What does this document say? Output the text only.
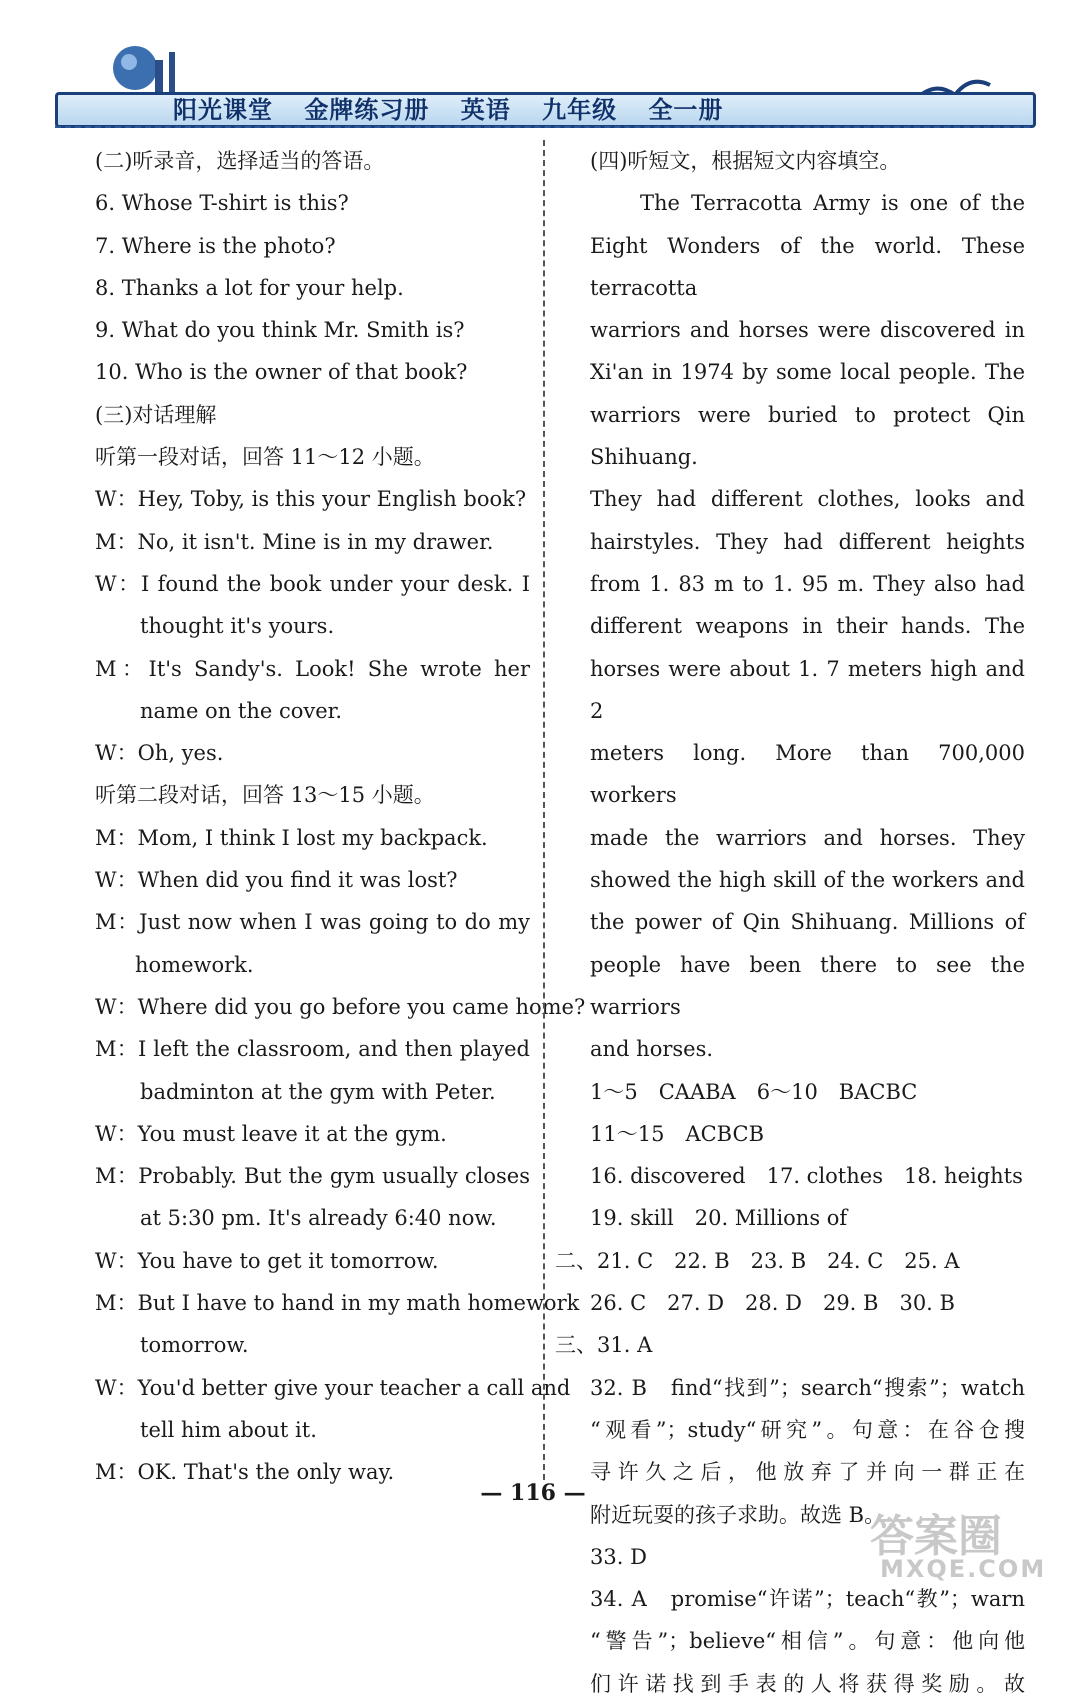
阳光课堂 金牌练习册 英语 九年级 全一册
(二)听录音，选择适当的答语。
6. Whose T-shirt is this?
7. Where is the photo?
8. Thanks a lot for your help.
9. What do you think Mr. Smith is?
10. Who is the owner of that book?
(三)对话理解
听第一段对话，回答 11～12 小题。
W：Hey, Toby, is this your English book?
M：No, it isn't. Mine is in my drawer.
W：I found the book under your desk. I
thought it's yours.
M：It's Sandy's. Look! She wrote her
name on the cover.
W：Oh, yes.
听第二段对话，回答 13～15 小题。
M：Mom, I think I lost my backpack.
W：When did you find it was lost?
M：Just now when I was going to do my
homework.
W：Where did you go before you came home?
M：I left the classroom, and then played
badminton at the gym with Peter.
W：You must leave it at the gym.
M：Probably. But the gym usually closes
at 5:30 pm. It's already 6:40 now.
W：You have to get it tomorrow.
M：But I have to hand in my math homework
tomorrow.
W：You'd better give your teacher a call and
tell him about it.
M：OK. That's the only way.
(四)听短文，根据短文内容填空。
The Terracotta Army is one of the
Eight Wonders of the world. These terracotta
warriors and horses were discovered in
Xi'an in 1974 by some local people. The
warriors were buried to protect Qin Shihuang.
They had different clothes, looks and
hairstyles. They had different heights
from 1. 83 m to 1. 95 m. They also had
different weapons in their hands. The
horses were about 1. 7 meters high and 2
meters long. More than 700,000 workers
made the warriors and horses. They
showed the high skill of the workers and
the power of Qin Shihuang. Millions of
people have been there to see the warriors
and horses.
1～5　CAABA　6～10　BACBC
11～15　ACBCB
16. discovered　17. clothes　18. heights
19. skill　20. Millions of
二、21. C　22. B　23. B　24. C　25. A
26. C　27. D　28. D　29. B　30. B
三、31. A
32. B　find“找到”；search“搜索”；watch
“观看”；study“研究”。句意：在谷仓搜
寻许久之后，他放弃了并向一群正在
附近玩耍的孩子求助。故选 B。
33. D
34. A　promise“许诺”；teach“教”；warn
“警告”；believe“相信”。句意：他向他
们许诺找到手表的人将获得奖励。故
— 116 —
答案圈
MXQE.COM
